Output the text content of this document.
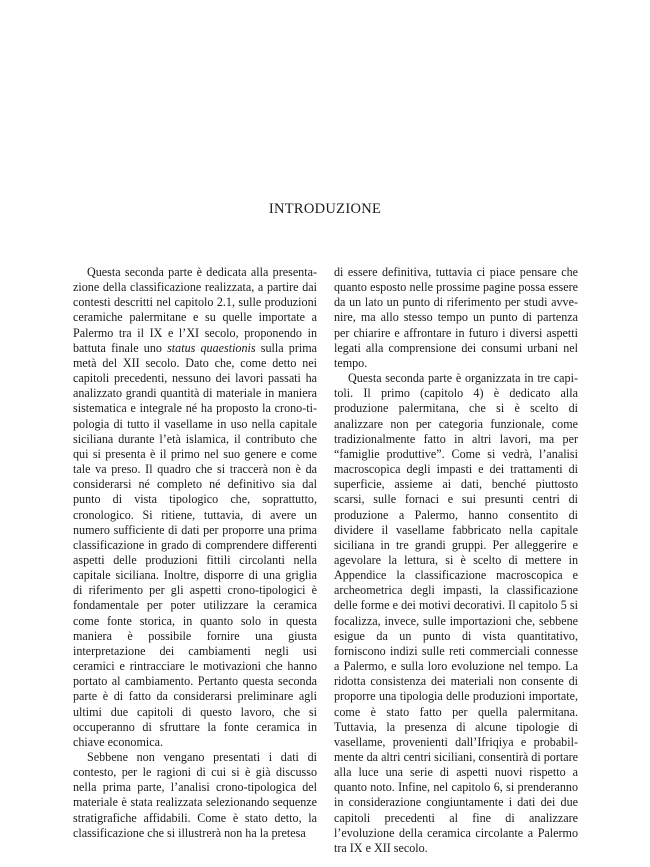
INTRODUZIONE

Questa seconda parte è dedicata alla presentazione della classificazione realizzata, a partire dai contesti descritti nel capitolo 2.1, sulle produzioni ceramiche palermitane e su quelle importate a Palermo tra il IX e l’XI secolo, proponendo in battuta finale uno status quaestionis sulla prima metà del XII secolo. Dato che, come detto nei capitoli precedenti, nessuno dei lavori passati ha analizzato grandi quantità di materiale in maniera sistematica e integrale né ha proposto la crono-tipologia di tutto il vasellame in uso nella capitale siciliana durante l’età islamica, il contributo che qui si presenta è il primo nel suo genere e come tale va preso. Il quadro che si traccerà non è da considerarsi né completo né definitivo sia dal punto di vista tipologico che, soprattutto, cronologico. Si ritiene, tuttavia, di avere un numero sufficiente di dati per proporre una prima classificazione in grado di comprendere differenti aspetti delle produzioni fittili circolanti nella capitale siciliana. Inoltre, disporre di una griglia di riferimento per gli aspetti crono-tipologici è fondamentale per poter utilizzare la ceramica come fonte storica, in quanto solo in questa maniera è possibile fornire una giusta interpretazione dei cambiamenti negli usi ceramici e rintracciare le motivazioni che hanno portato al cambiamento. Pertanto questa seconda parte è di fatto da considerarsi preliminare agli ultimi due capitoli di questo lavoro, che si occuperanno di sfruttare la fonte ceramica in chiave economica.

Sebbene non vengano presentati i dati di contesto, per le ragioni di cui si è già discusso nella prima parte, l’analisi crono-tipologica del materiale è stata realizzata selezionando sequenze stratigrafiche affidabili. Come è stato detto, la classificazione che si illustrerà non ha la pretesa

di essere definitiva, tuttavia ci piace pensare che quanto esposto nelle prossime pagine possa essere da un lato un punto di riferimento per studi avvenire, ma allo stesso tempo un punto di partenza per chiarire e affrontare in futuro i diversi aspetti legati alla comprensione dei consumi urbani nel tempo.

Questa seconda parte è organizzata in tre capitoli. Il primo (capitolo 4) è dedicato alla produzione palermitana, che si è scelto di analizzare non per categoria funzionale, come tradizionalmente fatto in altri lavori, ma per “famiglie produttive”. Come si vedrà, l’analisi macroscopica degli impasti e dei trattamenti di superficie, assieme ai dati, benché piuttosto scarsi, sulle fornaci e sui presunti centri di produzione a Palermo, hanno consentito di dividere il vasellame fabbricato nella capitale siciliana in tre grandi gruppi. Per alleggerire e agevolare la lettura, si è scelto di mettere in Appendice la classificazione macroscopica e archeometrica degli impasti, la classificazione delle forme e dei motivi decorativi. Il capitolo 5 si focalizza, invece, sulle importazioni che, sebbene esigue da un punto di vista quantitativo, forniscono indizi sulle reti commerciali connesse a Palermo, e sulla loro evoluzione nel tempo. La ridotta consistenza dei materiali non consente di proporre una tipologia delle produzioni importate, come è stato fatto per quella palermitana. Tuttavia, la presenza di alcune tipologie di vasellame, provenienti dall’Ifriqiya e probabilmente da altri centri siciliani, consentirà di portare alla luce una serie di aspetti nuovi rispetto a quanto noto. Infine, nel capitolo 6, si prenderanno in considerazione congiuntamente i dati dei due capitoli precedenti al fine di analizzare l’evoluzione della ceramica circolante a Palermo tra IX e XII secolo.
